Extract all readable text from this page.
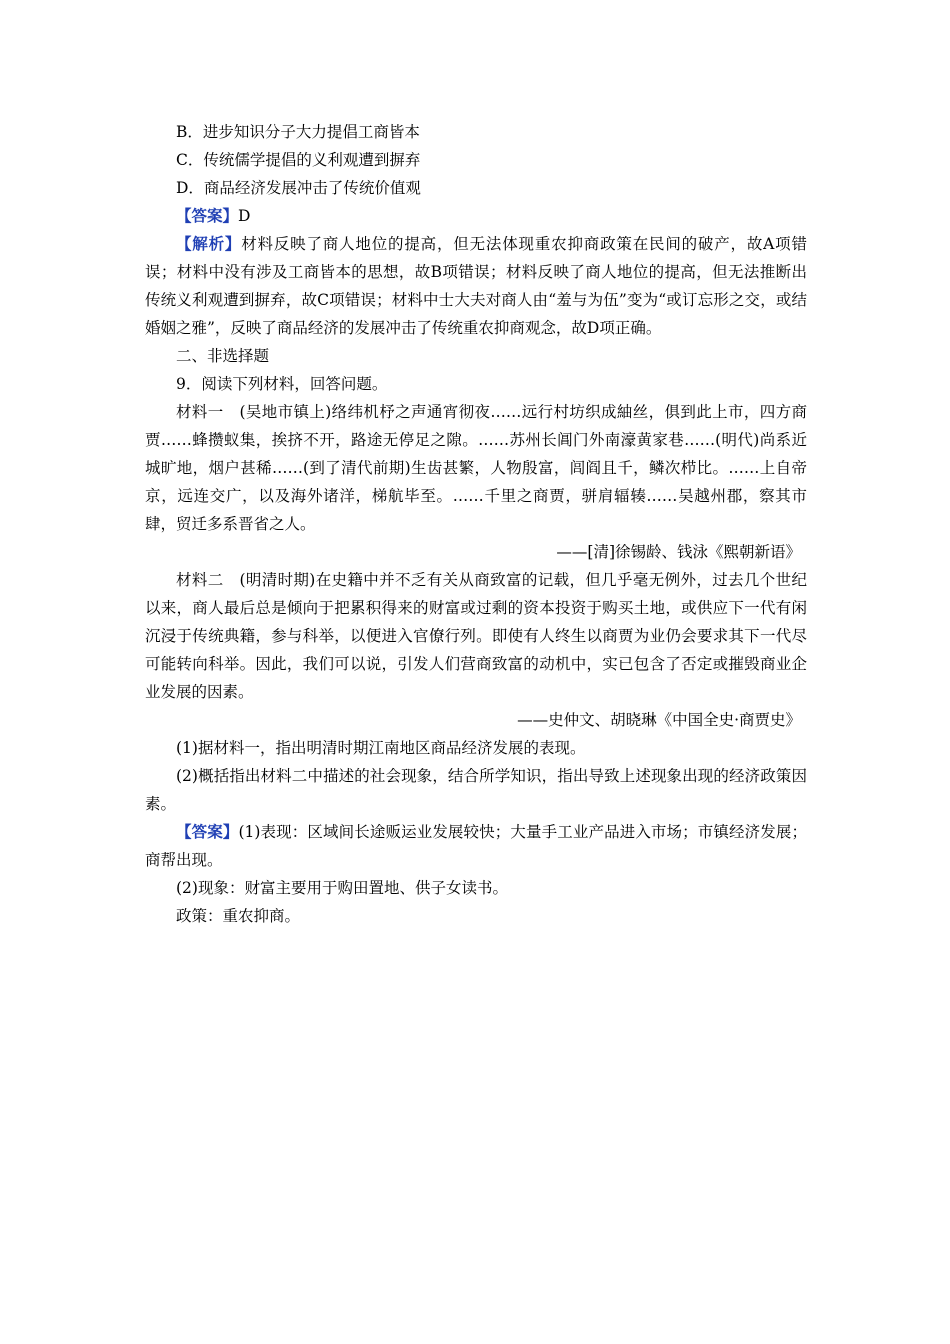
B．进步知识分子大力提倡工商皆本

C．传统儒学提倡的义利观遭到摒弃

D．商品经济发展冲击了传统价值观

【答案】D

【解析】材料反映了商人地位的提高，但无法体现重农抑商政策在民间的破产，故A项错误；材料中没有涉及工商皆本的思想，故B项错误；材料反映了商人地位的提高，但无法推断出传统义利观遭到摒弃，故C项错误；材料中士大夫对商人由“羞与为伍”变为“或订忘形之交，或结婚姻之雅”，反映了商品经济的发展冲击了传统重农抑商观念，故D项正确。

二、非选择题

9．阅读下列材料，回答问题。

材料一　(吴地市镇上)络纬机杼之声通宵彻夜……远行村坊织成紬丝，俱到此上市，四方商贾……蜂攒蚁集，挨挤不开，路途无停足之隙。……苏州长阊门外南濠黄家巷……(明代)尚系近城旷地，烟户甚稀……(到了清代前期)生齿甚繁，人物殷富，闾阎且千，鳞次栉比。……上自帝京，远连交广，以及海外诸洋，梯航毕至。……千里之商贾，骈肩辐辏……吴越州郡，察其市肆，贸迁多系晋省之人。

——[清]徐锡龄、钱泳《熙朝新语》

材料二　(明清时期)在史籍中并不乏有关从商致富的记载，但几乎毫无例外，过去几个世纪以来，商人最后总是倾向于把累积得来的财富或过剩的资本投资于购买土地，或供应下一代有闲沉浸于传统典籍，参与科举，以便进入官僚行列。即使有人终生以商贾为业仍会要求其下一代尽可能转向科举。因此，我们可以说，引发人们营商致富的动机中，实已包含了否定或摧毁商业企业发展的因素。

——史仲文、胡晓琳《中国全史·商贾史》

(1)据材料一，指出明清时期江南地区商品经济发展的表现。

(2)概括指出材料二中描述的社会现象，结合所学知识，指出导致上述现象出现的经济政策因素。

【答案】(1)表现：区域间长途贩运业发展较快；大量手工业产品进入市场；市镇经济发展；商帮出现。

(2)现象：财富主要用于购田置地、供子女读书。

政策：重农抑商。
